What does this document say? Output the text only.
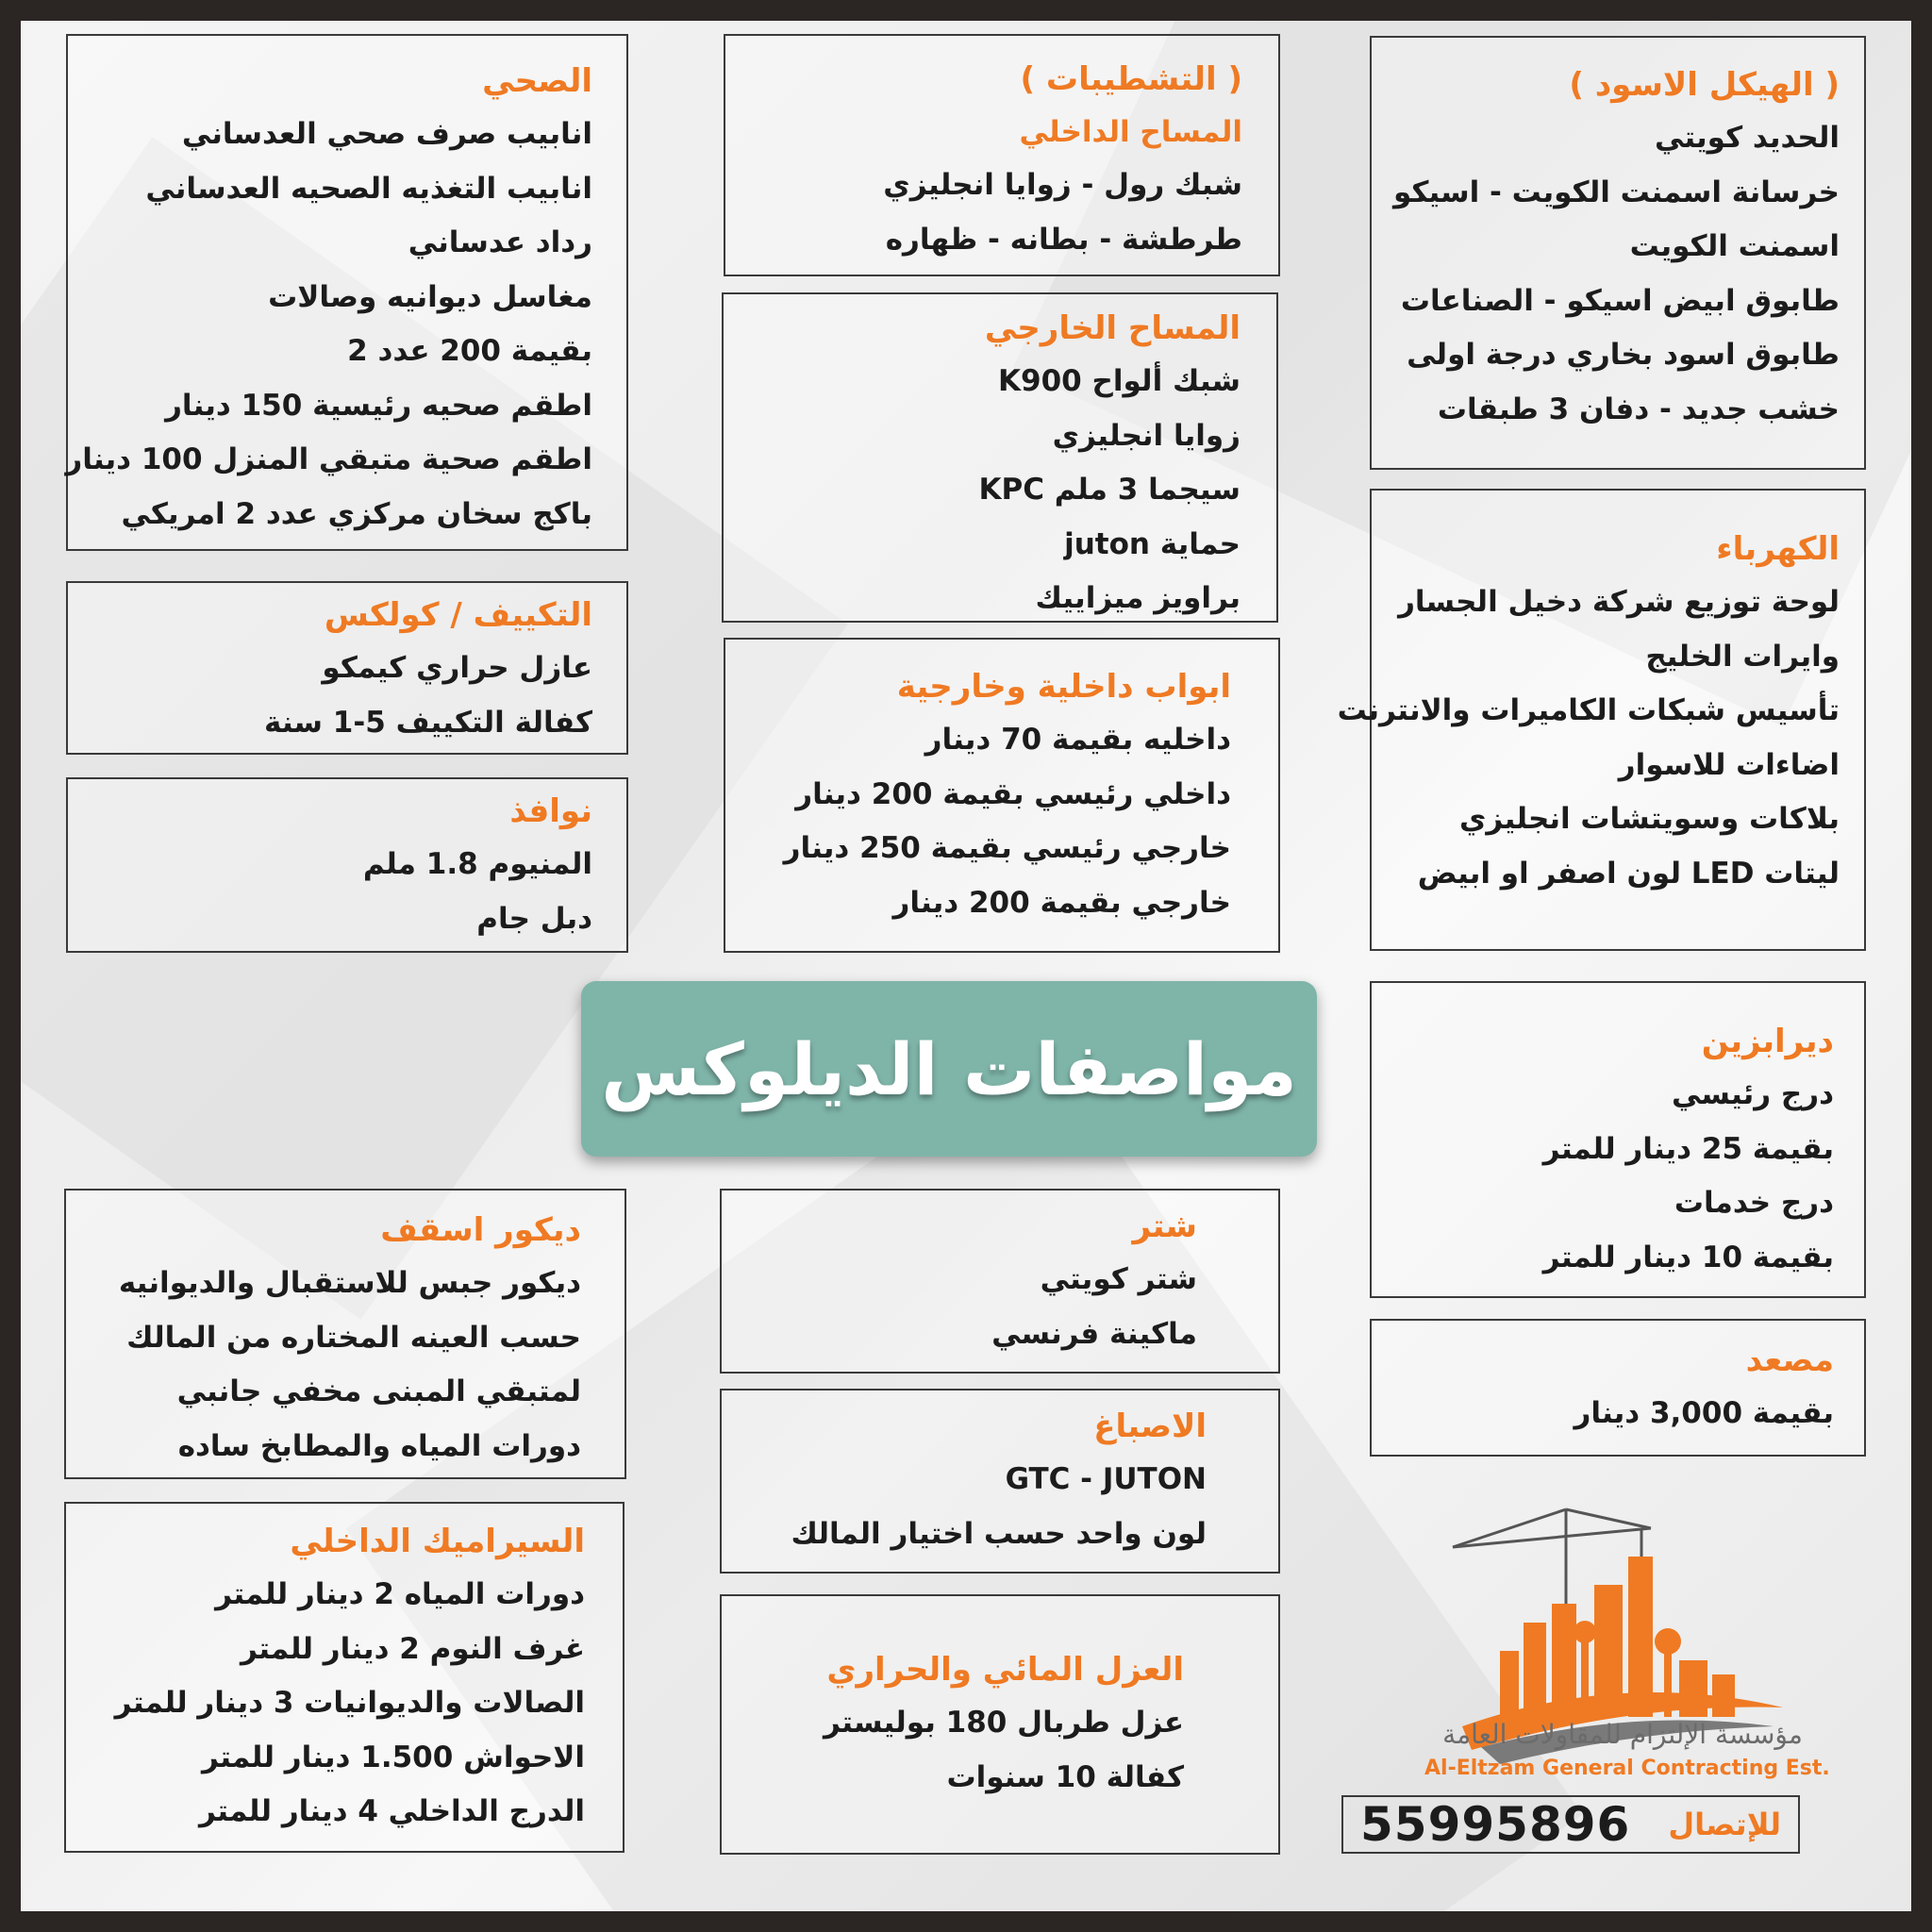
( الهيكل الاسود )
الحديد كويتي
خرسانة اسمنت الكويت - اسيكو
اسمنت الكويت
طابوق ابيض اسيكو - الصناعات
طابوق اسود بخاري درجة اولى
خشب جديد - دفان 3 طبقات
الكهرباء
لوحة توزيع شركة دخيل الجسار
وايرات الخليج
تأسيس شبكات الكاميرات والانترنت
اضاءات للاسوار
بلاكات وسويتشات انجليزي
ليتات LED لون اصفر او ابيض
ديرابزين
درج رئيسي
بقيمة 25 دينار للمتر
درج خدمات
بقيمة 10 دينار للمتر
مصعد
بقيمة 3,000 دينار
( التشطيبات )
المساح الداخلي
شبك رول - زوايا انجليزي
طرطشة - بطانه - ظهاره
المساح الخارجي
شبك ألواح K900
زوايا انجليزي
سيجما 3 ملم KPC
حماية juton
براويز ميزاييك
ابواب داخلية وخارجية
داخليه بقيمة 70 دينار
داخلي رئيسي بقيمة 200 دينار
خارجي رئيسي بقيمة 250 دينار
خارجي بقيمة 200 دينار
شتر
شتر كويتي
ماكينة فرنسي
الاصباغ
GTC - JUTON
لون واحد حسب اختيار المالك
العزل المائي والحراري
عزل طربال 180 بوليستر
كفالة 10 سنوات
الصحي
انابيب صرف صحي العدساني
انابيب التغذيه الصحيه العدساني
رداد عدساني
مغاسل ديوانيه وصالات
بقيمة 200 عدد 2
اطقم صحيه رئيسية 150 دينار
اطقم صحية متبقي المنزل 100 دينار
باكج سخان مركزي عدد 2 امريكي
التكييف / كولكس
عازل حراري كيمكو
كفالة التكييف 5-1 سنة
نوافذ
المنيوم 1.8 ملم
دبل جام
ديكور اسقف
ديكور جبس للاستقبال والديوانيه
حسب العينه المختاره من المالك
لمتبقي المبنى مخفي جانبي
دورات المياه والمطابخ ساده
السيراميك الداخلي
دورات المياه 2 دينار للمتر
غرف النوم 2 دينار للمتر
الصالات والديوانيات 3 دينار للمتر
الاحواش 1.500 دينار للمتر
الدرج الداخلي 4 دينار للمتر
مواصفات الديلوكس
مؤسسة الإلتزام للمقاولات العامة
Al-Eltzam General Contracting Est.
55995896 للإتصال
